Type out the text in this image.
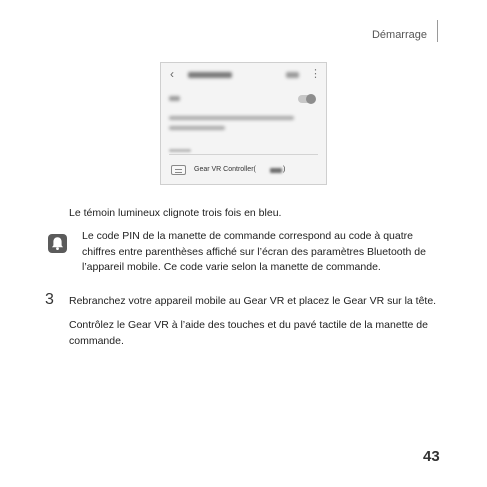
Démarrage
‹	⋮
Gear VR Controller(	)

Le témoin lumineux clignote trois fois en bleu.

Le code PIN de la manette de commande correspond au code à quatre chiffres entre parenthèses affiché sur l’écran des paramètres Bluetooth de l’appareil mobile. Ce code varie selon la manette de commande.

3 Rebranchez votre appareil mobile au Gear VR et placez le Gear VR sur la tête.

Contrôlez le Gear VR à l’aide des touches et du pavé tactile de la manette de commande.

43
